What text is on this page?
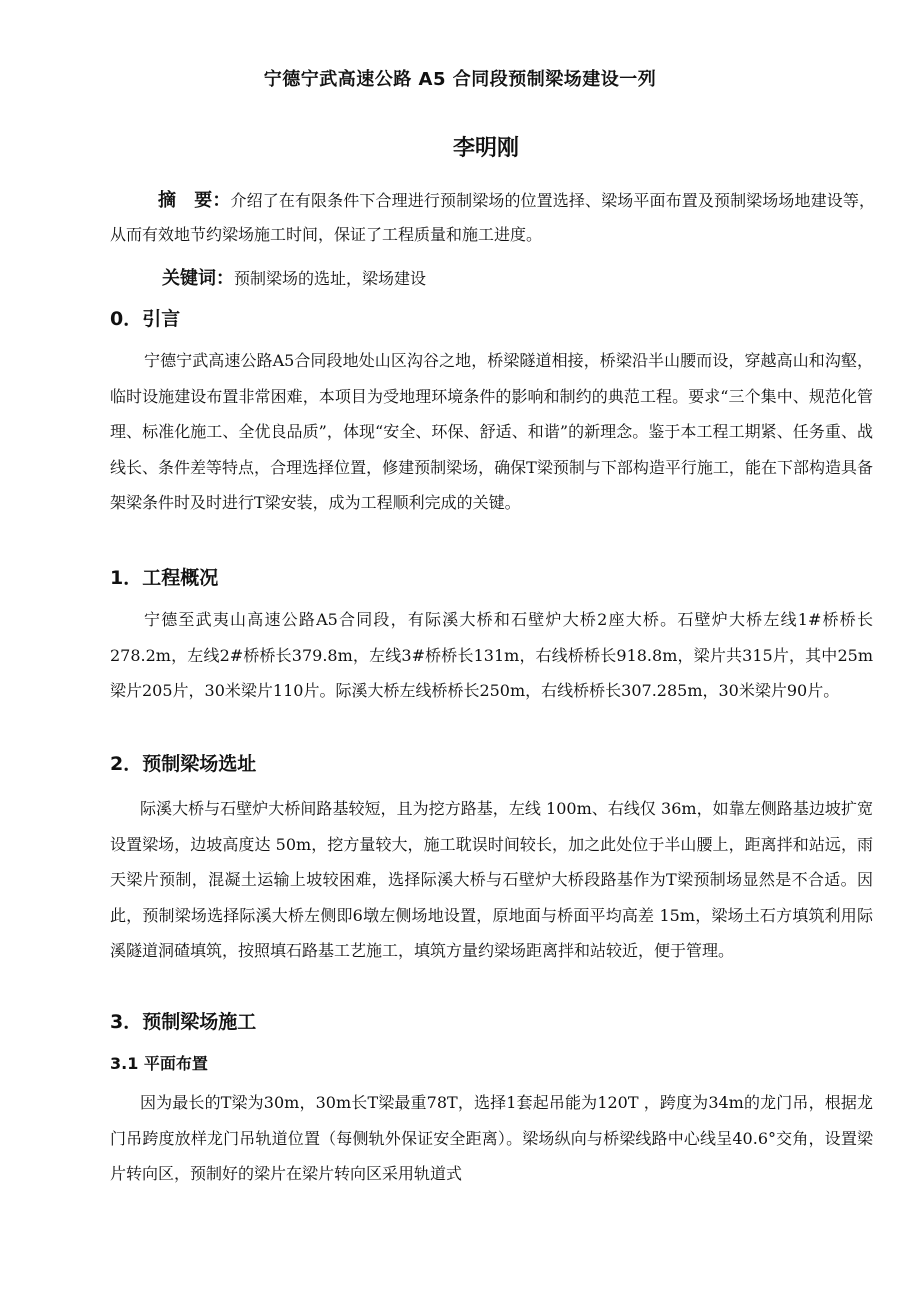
宁德宁武高速公路 A5 合同段预制梁场建设一列
李明刚
摘　要：介绍了在有限条件下合理进行预制梁场的位置选择、梁场平面布置及预制梁场场地建设等，从而有效地节约梁场施工时间，保证了工程质量和施工进度。
关键词：预制梁场的选址，梁场建设
0．引言
宁德宁武高速公路A5合同段地处山区沟谷之地，桥梁隧道相接，桥梁沿半山腰而设，穿越高山和沟壑，临时设施建设布置非常困难，本项目为受地理环境条件的影响和制约的典范工程。要求“三个集中、规范化管理、标准化施工、全优良品质”，体现“安全、环保、舒适、和谐”的新理念。鉴于本工程工期紧、任务重、战线长、条件差等特点，合理选择位置，修建预制梁场，确保T梁预制与下部构造平行施工，能在下部构造具备架梁条件时及时进行T梁安装，成为工程顺利完成的关键。
1．工程概况
宁德至武夷山高速公路A5合同段，有际溪大桥和石壁炉大桥2座大桥。石壁炉大桥左线1#桥桥长278.2m，左线2#桥桥长379.8m，左线3#桥桥长131m，右线桥桥长918.8m，梁片共315片，其中25m梁片205片，30米梁片110片。际溪大桥左线桥桥长250m，右线桥桥长307.285m，30米梁片90片。
2．预制梁场选址
际溪大桥与石壁炉大桥间路基较短，且为挖方路基，左线 100m、右线仅 36m，如靠左侧路基边坡扩宽设置梁场，边坡高度达 50m，挖方量较大，施工耽误时间较长，加之此处位于半山腰上，距离拌和站远，雨天梁片预制，混凝土运输上坡较困难，选择际溪大桥与石壁炉大桥段路基作为T梁预制场显然是不合适。因此，预制梁场选择际溪大桥左侧即6墩左侧场地设置，原地面与桥面平均高差 15m，梁场土石方填筑利用际溪隧道洞碴填筑，按照填石路基工艺施工，填筑方量约梁场距离拌和站较近，便于管理。
3．预制梁场施工
3.1 平面布置
因为最长的T梁为30m，30m长T梁最重78T，选择1套起吊能为120T ，跨度为34m的龙门吊，根据龙门吊跨度放样龙门吊轨道位置（每侧轨外保证安全距离）。梁场纵向与桥梁线路中心线呈40.6°交角，设置梁片转向区，预制好的梁片在梁片转向区采用轨道式
